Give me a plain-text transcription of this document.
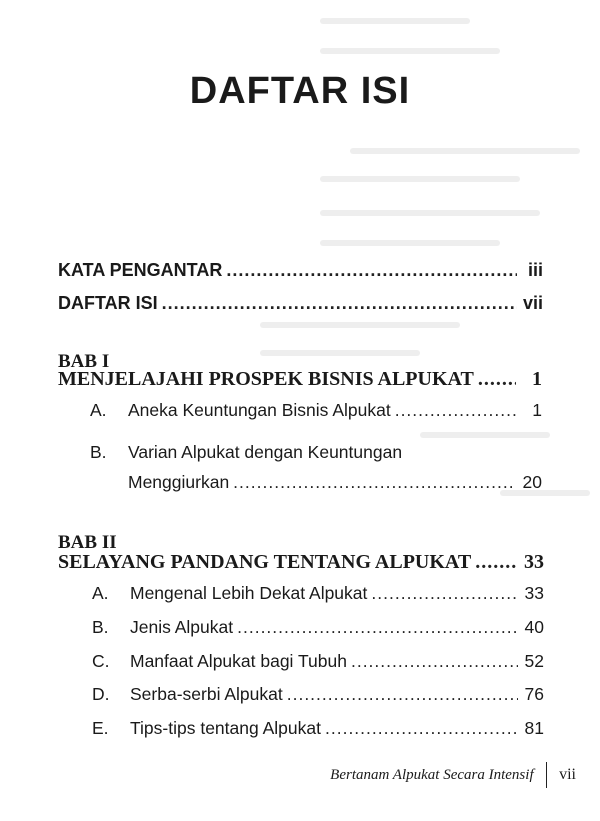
DAFTAR ISI
KATA PENGANTAR .....	iii
DAFTAR ISI .....	vii
BAB I
MENJELAJAHI PROSPEK BISNIS ALPUKAT .....	1
A. Aneka Keuntungan Bisnis Alpukat .....	1
B. Varian Alpukat dengan Keuntungan
Menggiurkan .....	20
BAB II
SELAYANG PANDANG TENTANG ALPUKAT .....	33
A. Mengenal Lebih Dekat Alpukat .....	33
B. Jenis Alpukat .....	40
C. Manfaat Alpukat bagi Tubuh .....	52
D. Serba-serbi Alpukat .....	76
E. Tips-tips tentang Alpukat .....	81
Bertanam Alpukat Secara Intensif vii
